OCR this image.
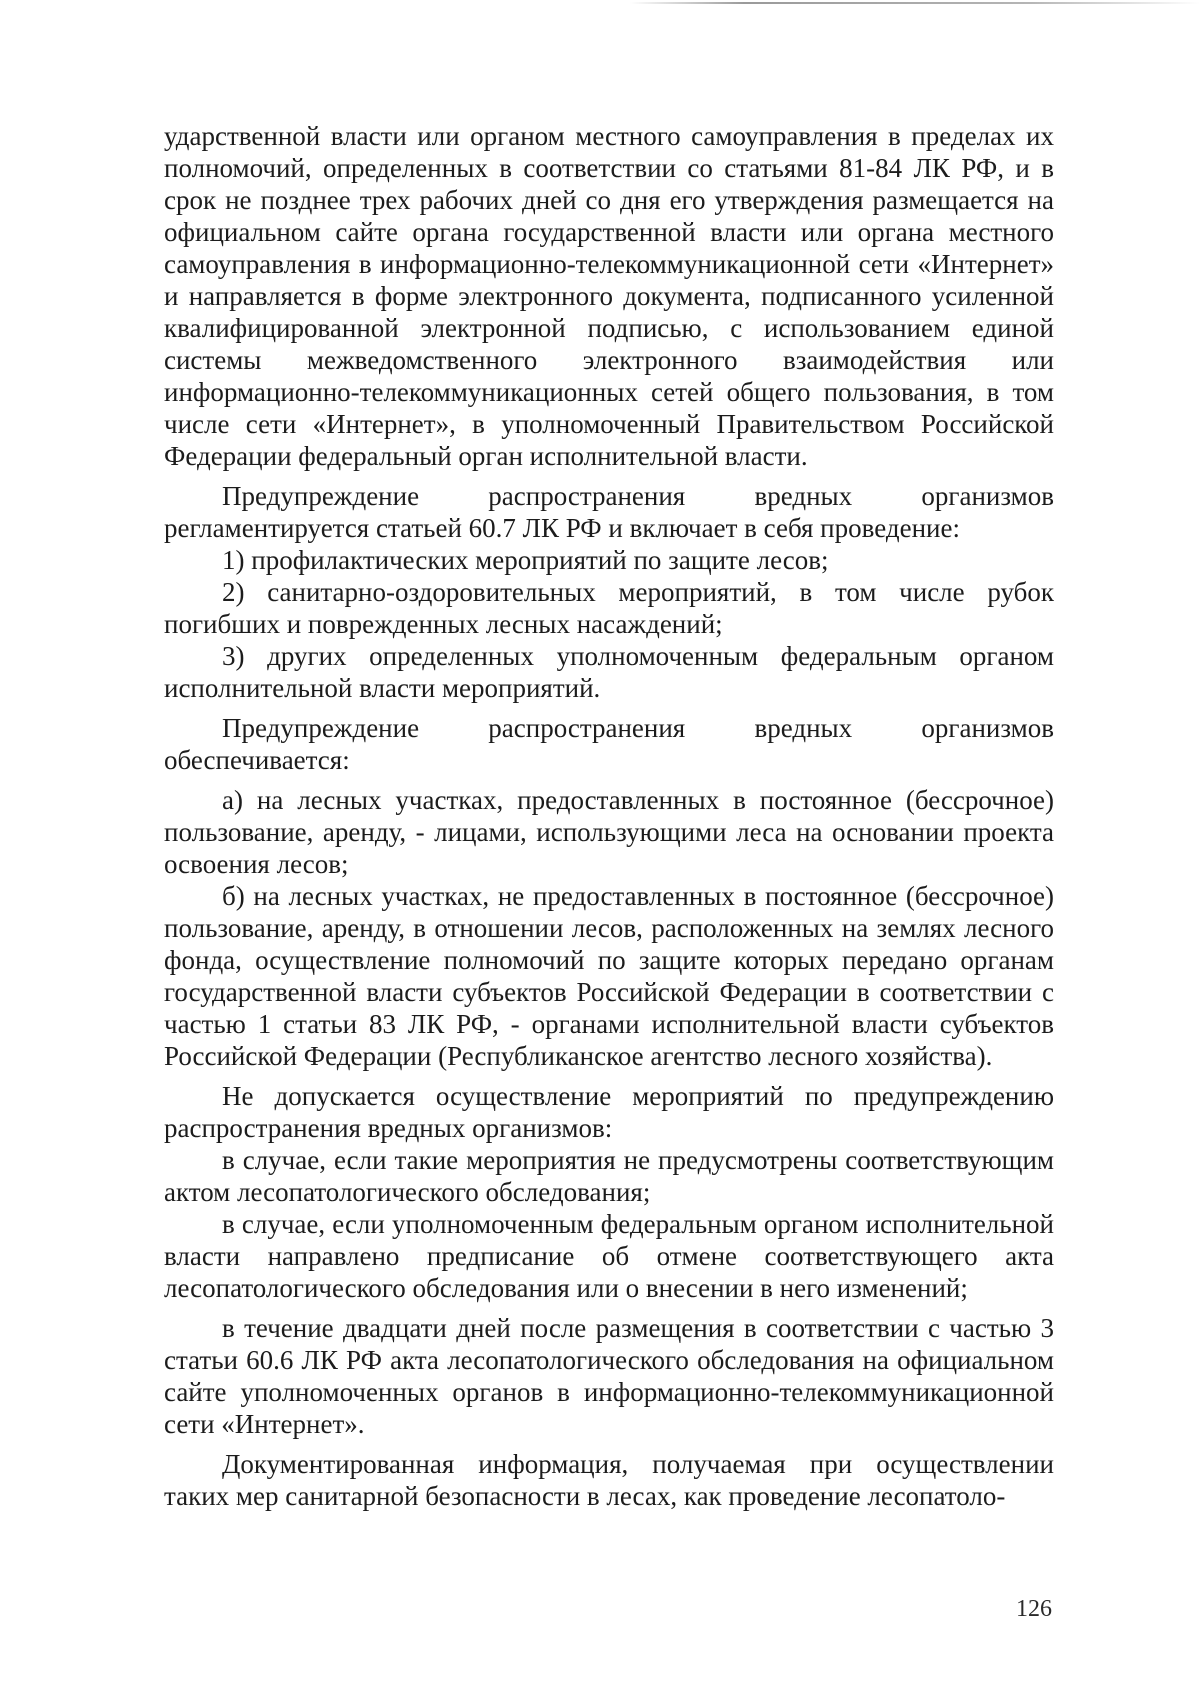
ударственной власти или органом местного самоуправления в пределах их полномочий, определенных в соответствии со статьями 81-84 ЛК РФ, и в срок не позднее трех рабочих дней со дня его утверждения размещается на официальном сайте органа государственной власти или органа местного самоуправления в информационно-телекоммуникационной сети «Интернет» и направляется в форме электронного документа, подписанного усиленной квалифицированной электронной подписью, с использованием единой системы межведомственного электронного взаимодействия или информационно-телекоммуникационных сетей общего пользования, в том числе сети «Интернет», в уполномоченный Правительством Российской Федерации федеральный орган исполнительной власти.

Предупреждение распространения вредных организмов регламентируется статьей 60.7 ЛК РФ и включает в себя проведение:

1) профилактических мероприятий по защите лесов;

2) санитарно-оздоровительных мероприятий, в том числе рубок погибших и поврежденных лесных насаждений;

3) других определенных уполномоченным федеральным органом исполнительной власти мероприятий.

Предупреждение распространения вредных организмов обеспечивается:

а) на лесных участках, предоставленных в постоянное (бессрочное) пользование, аренду, - лицами, использующими леса на основании проекта освоения лесов;

б) на лесных участках, не предоставленных в постоянное (бессрочное) пользование, аренду, в отношении лесов, расположенных на землях лесного фонда, осуществление полномочий по защите которых передано органам государственной власти субъектов Российской Федерации в соответствии с частью 1 статьи 83 ЛК РФ, - органами исполнительной власти субъектов Российской Федерации (Республиканское агентство лесного хозяйства).

Не допускается осуществление мероприятий по предупреждению распространения вредных организмов:

в случае, если такие мероприятия не предусмотрены соответствующим актом лесопатологического обследования;

в случае, если уполномоченным федеральным органом исполнительной власти направлено предписание об отмене соответствующего акта лесопатологического обследования или о внесении в него изменений;

в течение двадцати дней после размещения в соответствии с частью 3 статьи 60.6 ЛК РФ акта лесопатологического обследования на официальном сайте уполномоченных органов в информационно-телекоммуникационной сети «Интернет».

Документированная информация, получаемая при осуществлении таких мер санитарной безопасности в лесах, как проведение лесопатоло-

126
